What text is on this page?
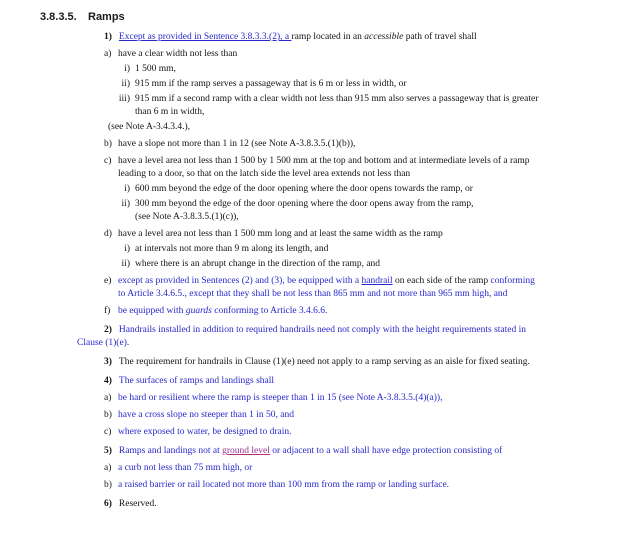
3.8.3.5.	Ramps

1) Except as provided in Sentence 3.8.3.3.(2), a ramp located in an accessible path of travel shall

a) have a clear width not less than
i) 1 500 mm,
ii) 915 mm if the ramp serves a passageway that is 6 m or less in width, or
iii) 915 mm if a second ramp with a clear width not less than 915 mm also serves a passageway that is greater
than 6 m in width,
(see Note A-3.4.3.4.),
b) have a slope not more than 1 in 12 (see Note A-3.8.3.5.(1)(b)),
c) have a level area not less than 1 500 by 1 500 mm at the top and bottom and at intermediate levels of a ramp
leading to a door, so that on the latch side the level area extends not less than
i) 600 mm beyond the edge of the door opening where the door opens towards the ramp, or
ii) 300 mm beyond the edge of the door opening where the door opens away from the ramp,
(see Note A-3.8.3.5.(1)(c)),
d) have a level area not less than 1 500 mm long and at least the same width as the ramp
i) at intervals not more than 9 m along its length, and
ii) where there is an abrupt change in the direction of the ramp, and
e) except as provided in Sentences (2) and (3), be equipped with a handrail on each side of the ramp conforming
to Article 3.4.6.5., except that they shall be not less than 865 mm and not more than 965 mm high, and
f) be equipped with guards conforming to Article 3.4.6.6.

2) Handrails installed in addition to required handrails need not comply with the height requirements stated in
Clause (1)(e).

3) The requirement for handrails in Clause (1)(e) need not apply to a ramp serving as an aisle for fixed seating.

4) The surfaces of ramps and landings shall

a) be hard or resilient where the ramp is steeper than 1 in 15 (see Note A-3.8.3.5.(4)(a)),
b) have a cross slope no steeper than 1 in 50, and
c) where exposed to water, be designed to drain.

5) Ramps and landings not at ground level or adjacent to a wall shall have edge protection consisting of

a) a curb not less than 75 mm high, or
b) a raised barrier or rail located not more than 100 mm from the ramp or landing surface.

6) Reserved.
